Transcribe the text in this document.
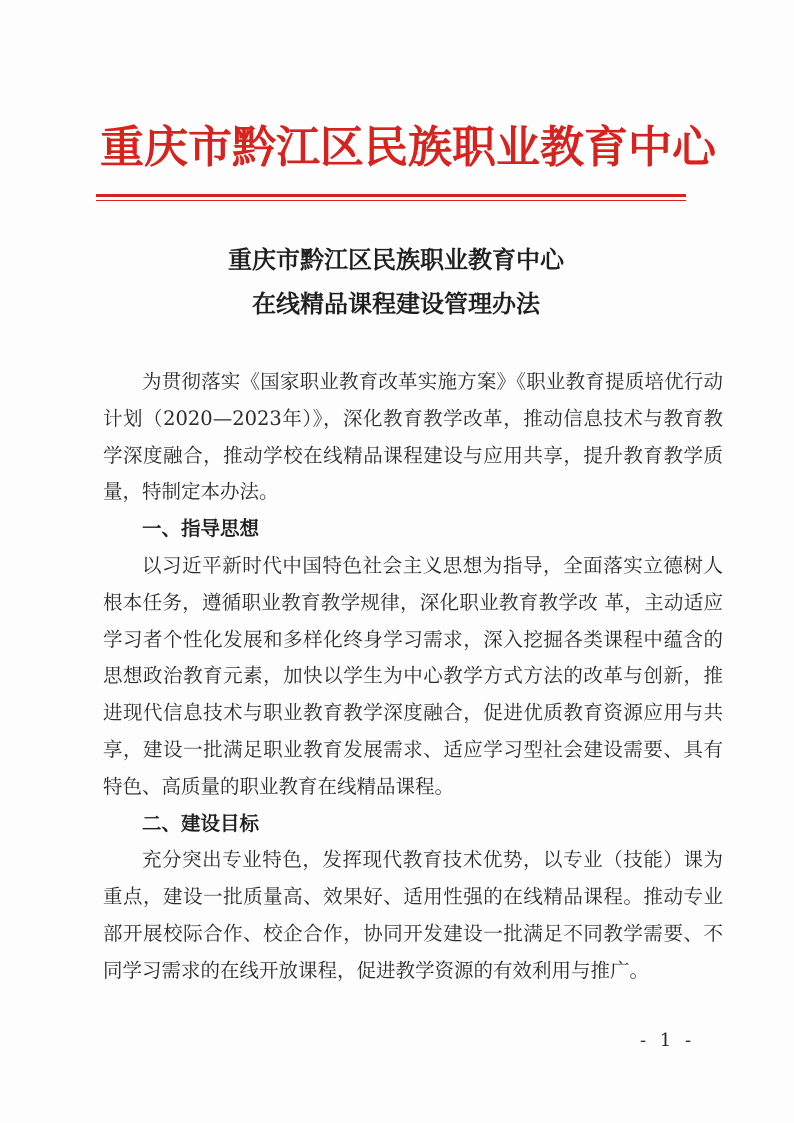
重庆市黔江区民族职业教育中心
重庆市黔江区民族职业教育中心
在线精品课程建设管理办法

为贯彻落实《国家职业教育改革实施方案》《职业教育提质培优行动计划（2020—2023年）》，深化教育教学改革，推动信息技术与教育教学深度融合，推动学校在线精品课程建设与应用共享，提升教育教学质量，特制定本办法。

一、指导思想

以习近平新时代中国特色社会主义思想为指导，全面落实立德树人根本任务，遵循职业教育教学规律，深化职业教育教学改 革，主动适应学习者个性化发展和多样化终身学习需求，深入挖掘各类课程中蕴含的思想政治教育元素，加快以学生为中心教学方式方法的改革与创新，推进现代信息技术与职业教育教学深度融合，促进优质教育资源应用与共享，建设一批满足职业教育发展需求、适应学习型社会建设需要、具有特色、高质量的职业教育在线精品课程。

二、建设目标

充分突出专业特色，发挥现代教育技术优势，以专业（技能）课为重点，建设一批质量高、效果好、适用性强的在线精品课程。推动专业部开展校际合作、校企合作，协同开发建设一批满足不同教学需要、不同学习需求的在线开放课程，促进教学资源的有效利用与推广。

- 1 -
